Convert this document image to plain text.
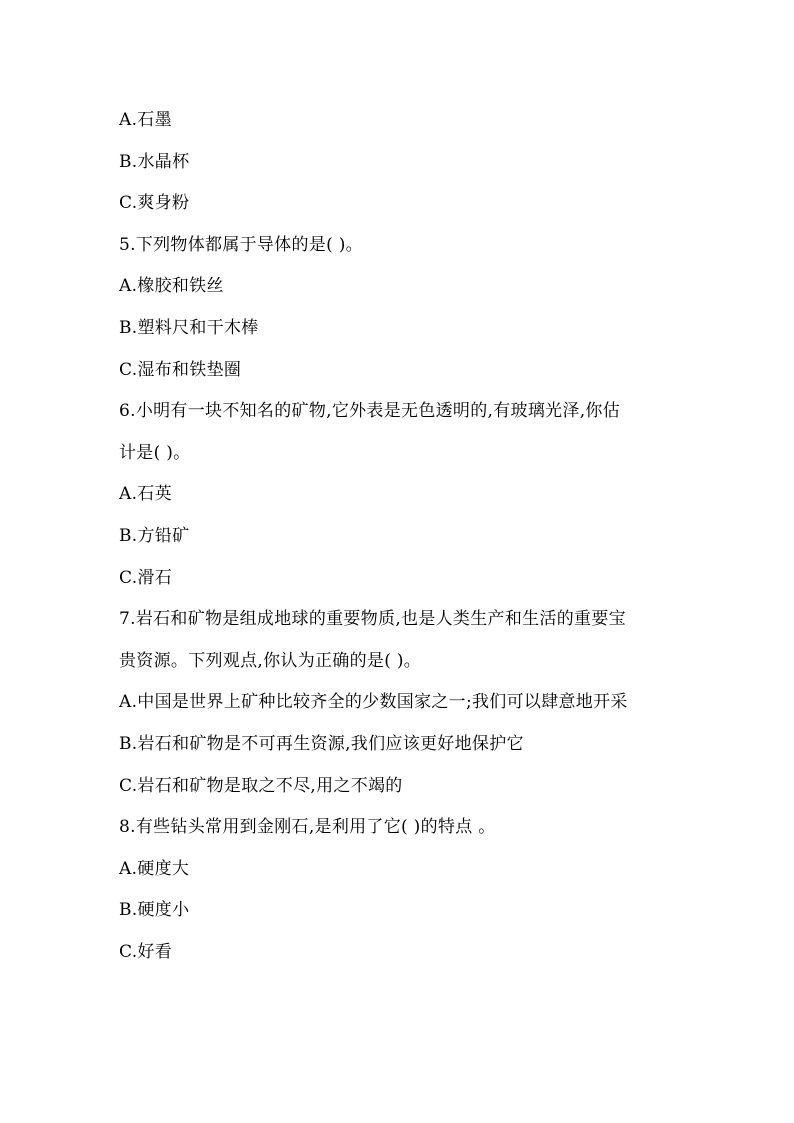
A.石墨
B.水晶杯
C.爽身粉
5.下列物体都属于导体的是( )。
A.橡胶和铁丝
B.塑料尺和干木棒
C.湿布和铁垫圈
6.小明有一块不知名的矿物,它外表是无色透明的,有玻璃光泽,你估
计是( )。
A.石英
B.方铅矿
C.滑石
7.岩石和矿物是组成地球的重要物质,也是人类生产和生活的重要宝
贵资源。下列观点,你认为正确的是( )。
A.中国是世界上矿种比较齐全的少数国家之一;我们可以肆意地开采
B.岩石和矿物是不可再生资源,我们应该更好地保护它
C.岩石和矿物是取之不尽,用之不竭的
8.有些钻头常用到金刚石,是利用了它( )的特点 。
A.硬度大
B.硬度小
C.好看
